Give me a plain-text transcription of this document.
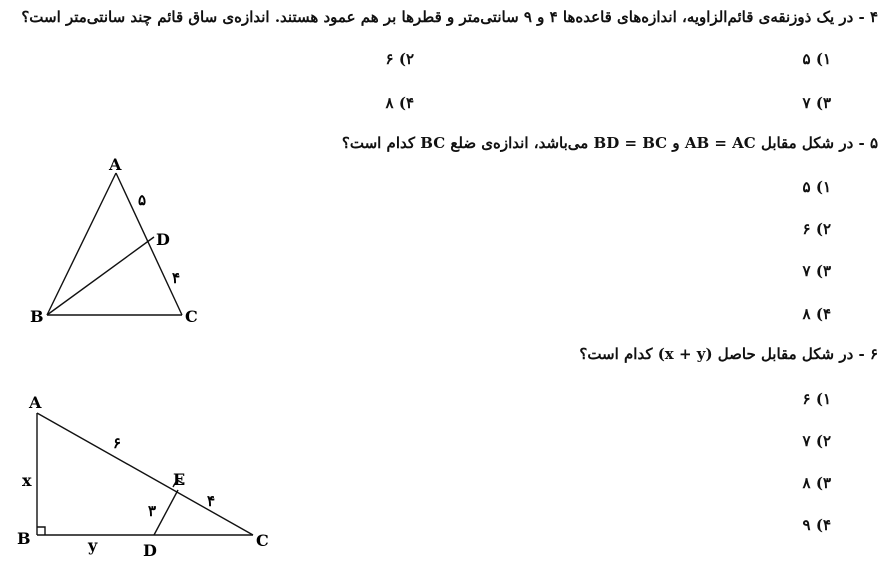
۴ - در یک ذوزنقه‌ی قائم‌الزاویه، اندازه‌های قاعده‌ها ۴ و ۹ سانتی‌متر و قطرها بر هم عمود هستند. اندازه‌ی ساق قائم چند سانتی‌متر است؟
۱) ۵
۲) ۶
۳) ۷
۴) ۸
۵ - در شکل مقابل AB = AC و BD = BC می‌باشد، اندازه‌ی ضلع BC کدام است؟
۱) ۵
۲) ۶
۳) ۷
۴) ۸
A
B	C
D
۵
۴
۶ - در شکل مقابل حاصل (x + y) کدام است؟
۱) ۶
۲) ۷
۳) ۸
۴) ۹
A
B	C
D
E
۶
۴
۳
x
y
